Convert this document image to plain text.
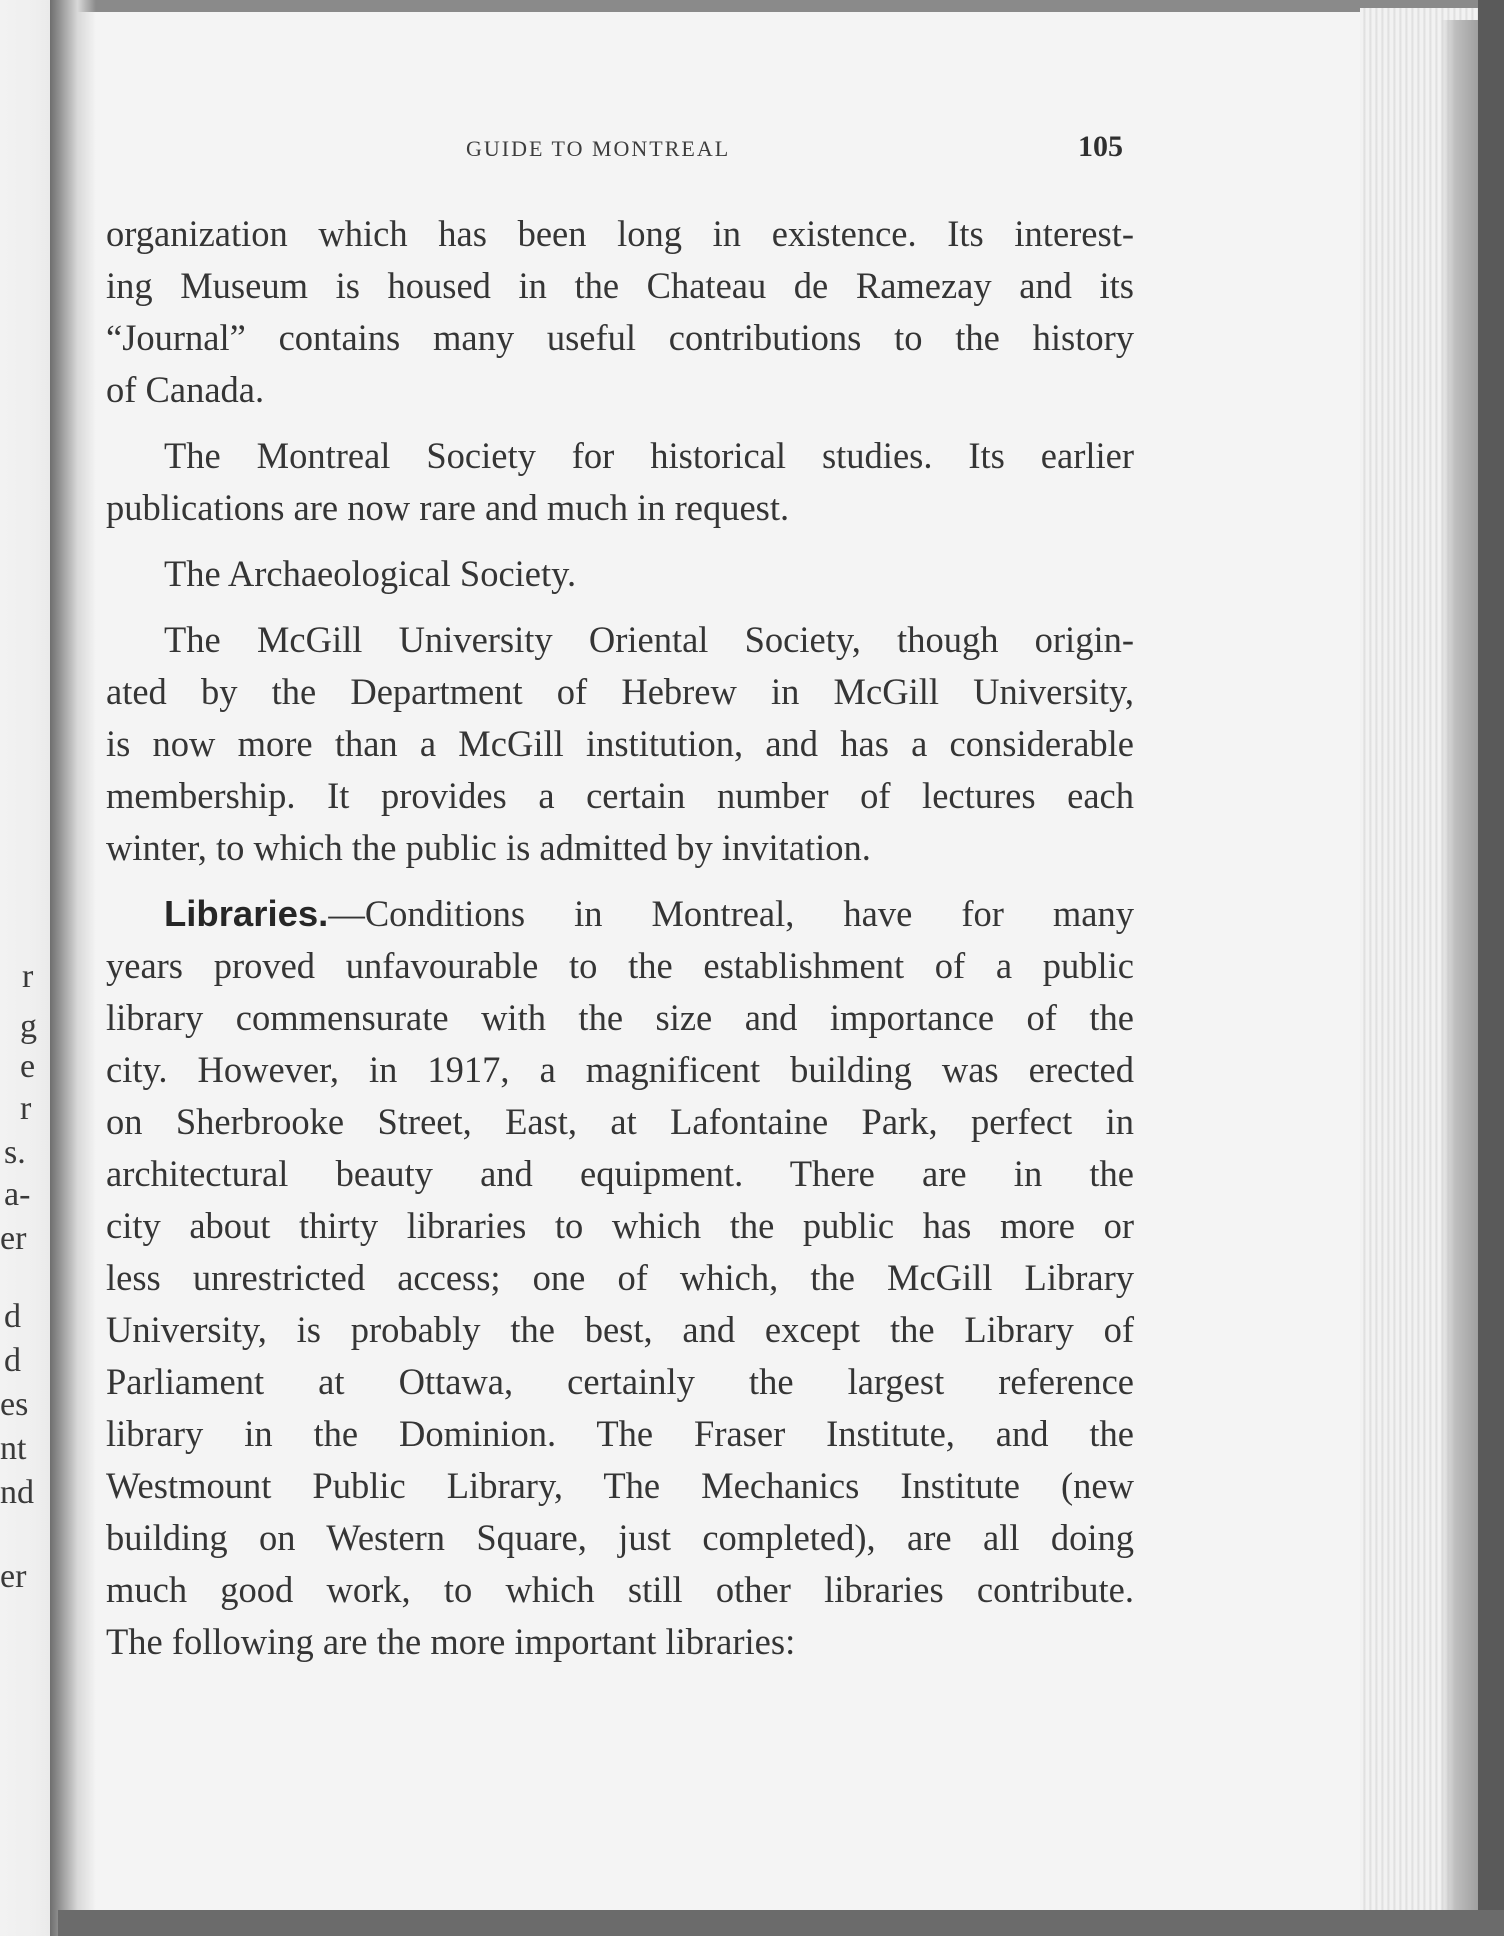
r
g
e
r
s.
a-
er
d
d
es
nt
nd
er
GUIDE TO MONTREAL	105
organization which has been long in existence. Its interest-
ing Museum is housed in the Chateau de Ramezay and its
“Journal” contains many useful contributions to the history
of Canada.
The Montreal Society for historical studies. Its earlier
publications are now rare and much in request.
The Archaeological Society.
The McGill University Oriental Society, though origin-
ated by the Department of Hebrew in McGill University,
is now more than a McGill institution, and has a considerable
membership. It provides a certain number of lectures each
winter, to which the public is admitted by invitation.
Libraries.—Conditions in Montreal, have for many
years proved unfavourable to the establishment of a public
library commensurate with the size and importance of the
city. However, in 1917, a magnificent building was erected
on Sherbrooke Street, East, at Lafontaine Park, perfect in
architectural beauty and equipment. There are in the
city about thirty libraries to which the public has more or
less unrestricted access; one of which, the McGill Library
University, is probably the best, and except the Library of
Parliament at Ottawa, certainly the largest reference
library in the Dominion. The Fraser Institute, and the
Westmount Public Library, The Mechanics Institute (new
building on Western Square, just completed), are all doing
much good work, to which still other libraries contribute.
The following are the more important libraries:
